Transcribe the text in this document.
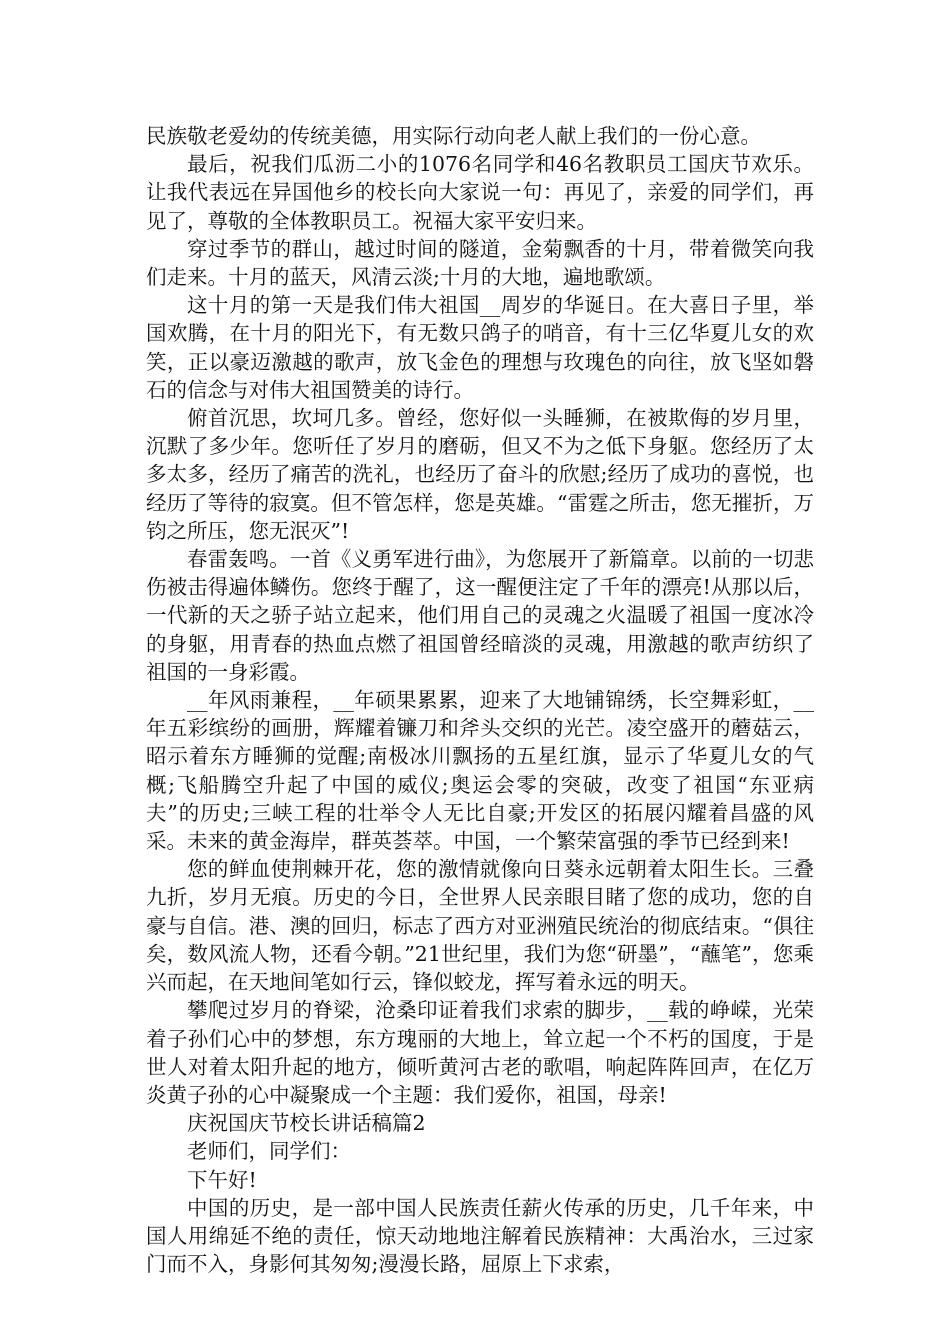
民族敬老爱幼的传统美德，用实际行动向老人献上我们的一份心意。

最后，祝我们瓜沥二小的1076名同学和46名教职员工国庆节欢乐。让我代表远在异国他乡的校长向大家说一句：再见了，亲爱的同学们，再见了，尊敬的全体教职员工。祝福大家平安归来。

穿过季节的群山，越过时间的隧道，金菊飘香的十月，带着微笑向我们走来。十月的蓝天，风清云淡;十月的大地，遍地歌颂。

这十月的第一天是我们伟大祖国__周岁的华诞日。在大喜日子里，举国欢腾，在十月的阳光下，有无数只鸽子的哨音，有十三亿华夏儿女的欢笑，正以豪迈激越的歌声，放飞金色的理想与玫瑰色的向往，放飞坚如磐石的信念与对伟大祖国赞美的诗行。

俯首沉思，坎坷几多。曾经，您好似一头睡狮，在被欺侮的岁月里，沉默了多少年。您听任了岁月的磨砺，但又不为之低下身躯。您经历了太多太多，经历了痛苦的洗礼，也经历了奋斗的欣慰;经历了成功的喜悦，也经历了等待的寂寞。但不管怎样，您是英雄。“雷霆之所击，您无摧折，万钧之所压，您无泯灭”!

春雷轰鸣。一首《义勇军进行曲》，为您展开了新篇章。以前的一切悲伤被击得遍体鳞伤。您终于醒了，这一醒便注定了千年的漂亮!从那以后，一代新的天之骄子站立起来，他们用自己的灵魂之火温暖了祖国一度冰冷的身躯，用青春的热血点燃了祖国曾经暗淡的灵魂，用激越的歌声纺织了祖国的一身彩霞。

__年风雨兼程，__年硕果累累，迎来了大地铺锦绣，长空舞彩虹，__年五彩缤纷的画册，辉耀着镰刀和斧头交织的光芒。凌空盛开的蘑菇云，昭示着东方睡狮的觉醒;南极冰川飘扬的五星红旗，显示了华夏儿女的气概;飞船腾空升起了中国的威仪;奥运会零的突破，改变了祖国“东亚病夫”的历史;三峡工程的壮举令人无比自豪;开发区的拓展闪耀着昌盛的风采。未来的黄金海岸，群英荟萃。中国，一个繁荣富强的季节已经到来!

您的鲜血使荆棘开花，您的激情就像向日葵永远朝着太阳生长。三叠九折，岁月无痕。历史的今日，全世界人民亲眼目睹了您的成功，您的自豪与自信。港、澳的回归，标志了西方对亚洲殖民统治的彻底结束。“俱往矣，数风流人物，还看今朝。”21世纪里，我们为您“研墨”，“蘸笔”，您乘兴而起，在天地间笔如行云，锋似蛟龙，挥写着永远的明天。

攀爬过岁月的脊梁，沧桑印证着我们求索的脚步，__载的峥嵘，光荣着子孙们心中的梦想，东方瑰丽的大地上，耸立起一个不朽的国度，于是世人对着太阳升起的地方，倾听黄河古老的歌唱，响起阵阵回声，在亿万炎黄子孙的心中凝聚成一个主题：我们爱你，祖国，母亲!

庆祝国庆节校长讲话稿篇2

老师们，同学们：

下午好!

中国的历史，是一部中国人民族责任薪火传承的历史，几千年来，中国人用绵延不绝的责任，惊天动地地注解着民族精神：大禹治水，三过家门而不入，身影何其匆匆;漫漫长路，屈原上下求索，
